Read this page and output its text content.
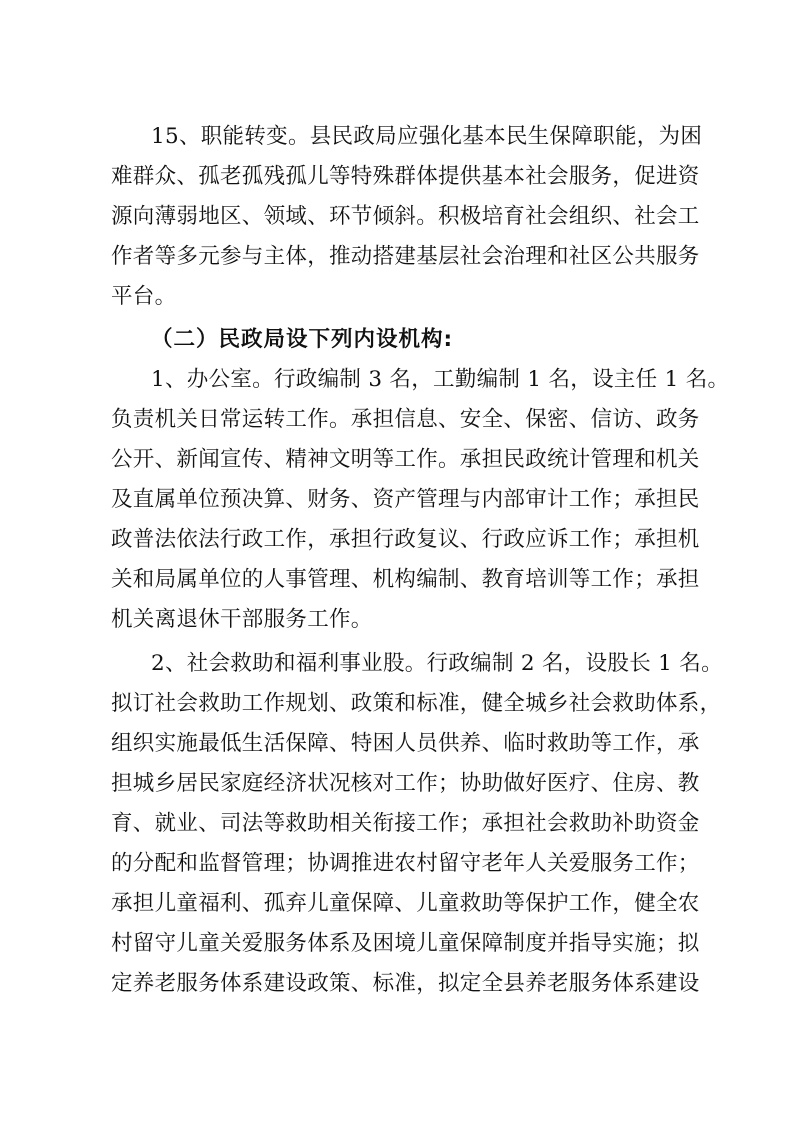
15、职能转变。县民政局应强化基本民生保障职能，为困
难群众、孤老孤残孤儿等特殊群体提供基本社会服务，促进资
源向薄弱地区、领域、环节倾斜。积极培育社会组织、社会工
作者等多元参与主体，推动搭建基层社会治理和社区公共服务
平台。
（二）民政局设下列内设机构:
1、办公室。行政编制 3 名，工勤编制 1 名，设主任 1 名。
负责机关日常运转工作。承担信息、安全、保密、信访、政务
公开、新闻宣传、精神文明等工作。承担民政统计管理和机关
及直属单位预决算、财务、资产管理与内部审计工作；承担民
政普法依法行政工作，承担行政复议、行政应诉工作；承担机
关和局属单位的人事管理、机构编制、教育培训等工作；承担
机关离退休干部服务工作。
2、社会救助和福利事业股。行政编制 2 名，设股长 1 名。
拟订社会救助工作规划、政策和标准，健全城乡社会救助体系，
组织实施最低生活保障、特困人员供养、临时救助等工作，承
担城乡居民家庭经济状况核对工作；协助做好医疗、住房、教
育、就业、司法等救助相关衔接工作；承担社会救助补助资金
的分配和监督管理；协调推进农村留守老年人关爱服务工作；
承担儿童福利、孤弃儿童保障、儿童救助等保护工作，健全农
村留守儿童关爱服务体系及困境儿童保障制度并指导实施；拟
定养老服务体系建设政策、标准，拟定全县养老服务体系建设
